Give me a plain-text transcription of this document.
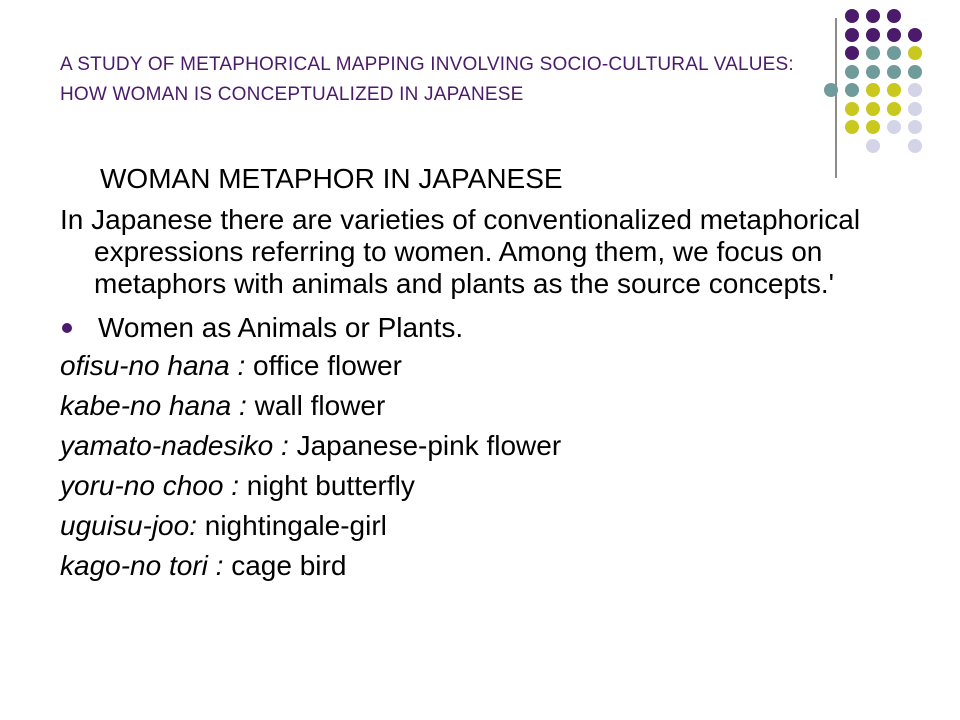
A STUDY OF METAPHORICAL MAPPING INVOLVING SOCIO-CULTURAL VALUES: HOW WOMAN IS CONCEPTUALIZED IN JAPANESE
WOMAN METAPHOR IN JAPANESE

In Japanese there are varieties of conventionalized metaphorical expressions referring to women. Among them, we focus on metaphors with animals and plants as the source concepts.'

Women as Animals or Plants.
ofisu-no hana : office flower
kabe-no hana : wall flower
yamato-nadesiko : Japanese-pink flower
yoru-no choo : night butterfly
uguisu-joo: nightingale-girl
kago-no tori : cage bird
